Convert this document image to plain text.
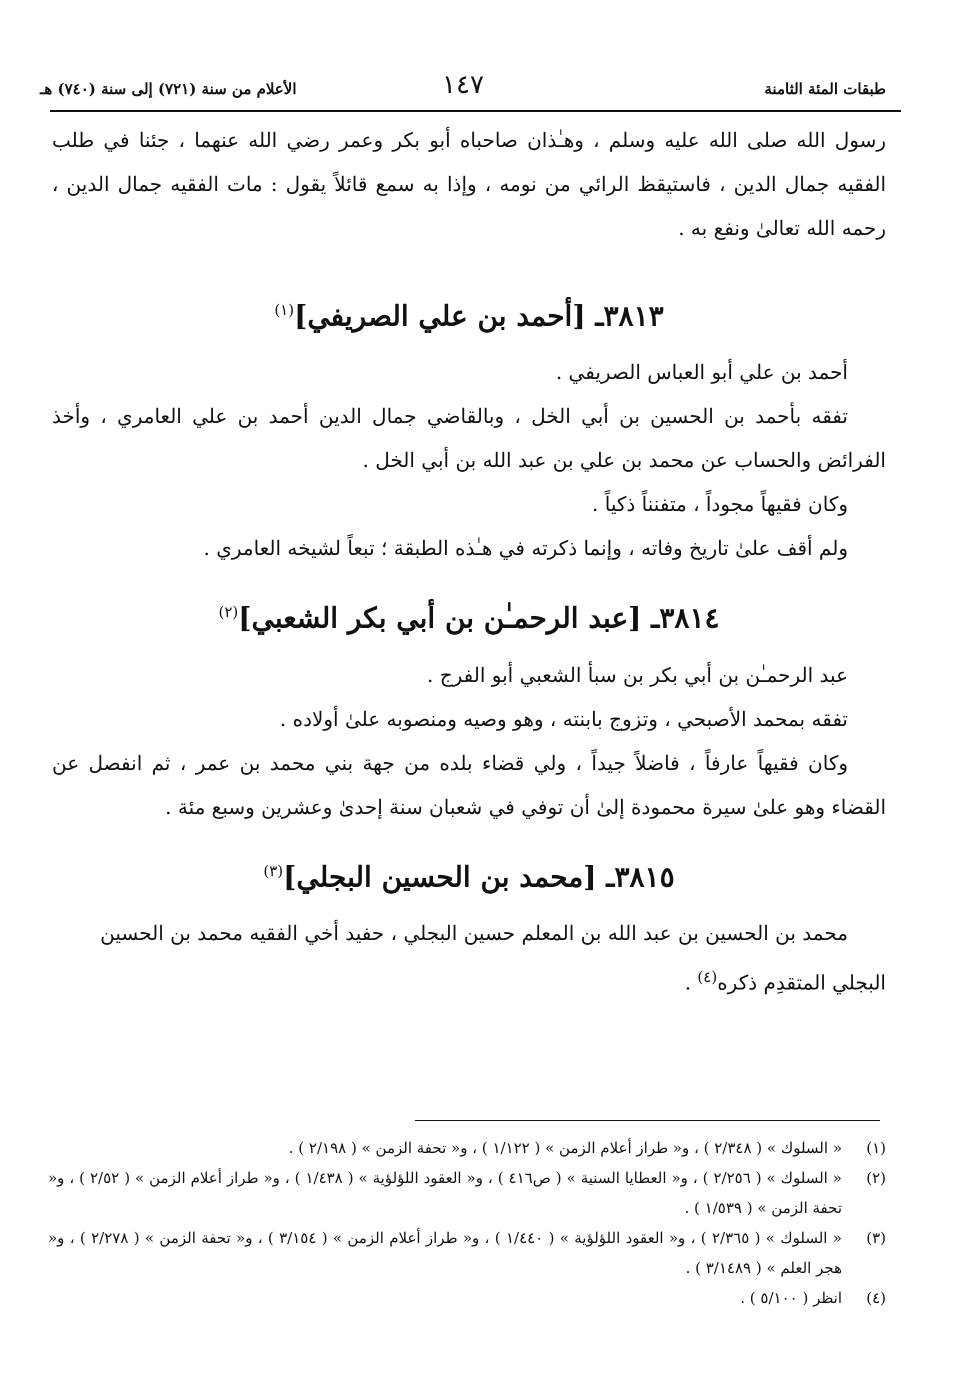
طبقات المئة الثامنة
١٤٧
الأعلام من سنة (٧٢١) إلى سنة (٧٤٠) هـ

رسول الله صلى الله عليه وسلم ، وهـٰذان صاحباه أبو بكر وعمر رضي الله عنهما ، جئنا في طلب الفقيه جمال الدين ، فاستيقظ الرائي من نومه ، وإذا به سمع قائلاً يقول : مات الفقيه جمال الدين ، رحمه الله تعالىٰ ونفع به .

٣٨١٣ـ [أحمد بن علي الصريفي]$^{(١)}$

أحمد بن علي أبو العباس الصريفي .

تفقه بأحمد بن الحسين بن أبي الخل ، وبالقاضي جمال الدين أحمد بن علي العامري ، وأخذ الفرائض والحساب عن محمد بن علي بن عبد الله بن أبي الخل .

وكان فقيهاً مجوداً ، متفنناً ذكياً .

ولم أقف علىٰ تاريخ وفاته ، وإنما ذكرته في هـٰذه الطبقة ؛ تبعاً لشيخه العامري .

٣٨١٤ـ [عبد الرحمـٰن بن أبي بكر الشعبي]$^{(٢)}$

عبد الرحمـٰن بن أبي بكر بن سبأ الشعبي أبو الفرج .

تفقه بمحمد الأصبحي ، وتزوج بابنته ، وهو وصيه ومنصوبه علىٰ أولاده .

وكان فقيهاً عارفاً ، فاضلاً جيداً ، ولي قضاء بلده من جهة بني محمد بن عمر ، ثم انفصل عن القضاء وهو علىٰ سيرة محمودة إلىٰ أن توفي في شعبان سنة إحدىٰ وعشرين وسبع مئة .

٣٨١٥ـ [محمد بن الحسين البجلي]$^{(٣)}$

محمد بن الحسين بن عبد الله بن المعلم حسين البجلي ، حفيد أخي الفقيه محمد بن الحسين البجلي المتقدِم ذكره$^{(٤)}$ .

(١)
« السلوك » ( ٢/٣٤٨ ) ، و« طراز أعلام الزمن » ( ١/١٢٢ ) ، و« تحفة الزمن » ( ٢/١٩٨ ) .
(٢)
« السلوك » ( ٢/٢٥٦ ) ، و« العطايا السنية » ( ص٤١٦ ) ، و« العقود اللؤلؤية » ( ١/٤٣٨ ) ، و« طراز أعلام الزمن » ( ٢/٥٢ ) ، و« تحفة الزمن » ( ١/٥٣٩ ) .
(٣)
« السلوك » ( ٢/٣٦٥ ) ، و« العقود اللؤلؤية » ( ١/٤٤٠ ) ، و« طراز أعلام الزمن » ( ٣/١٥٤ ) ، و« تحفة الزمن » ( ٢/٢٧٨ ) ، و« هجر العلم » ( ٣/١٤٨٩ ) .
(٤)
انظر ( ٥/١٠٠ ) .
